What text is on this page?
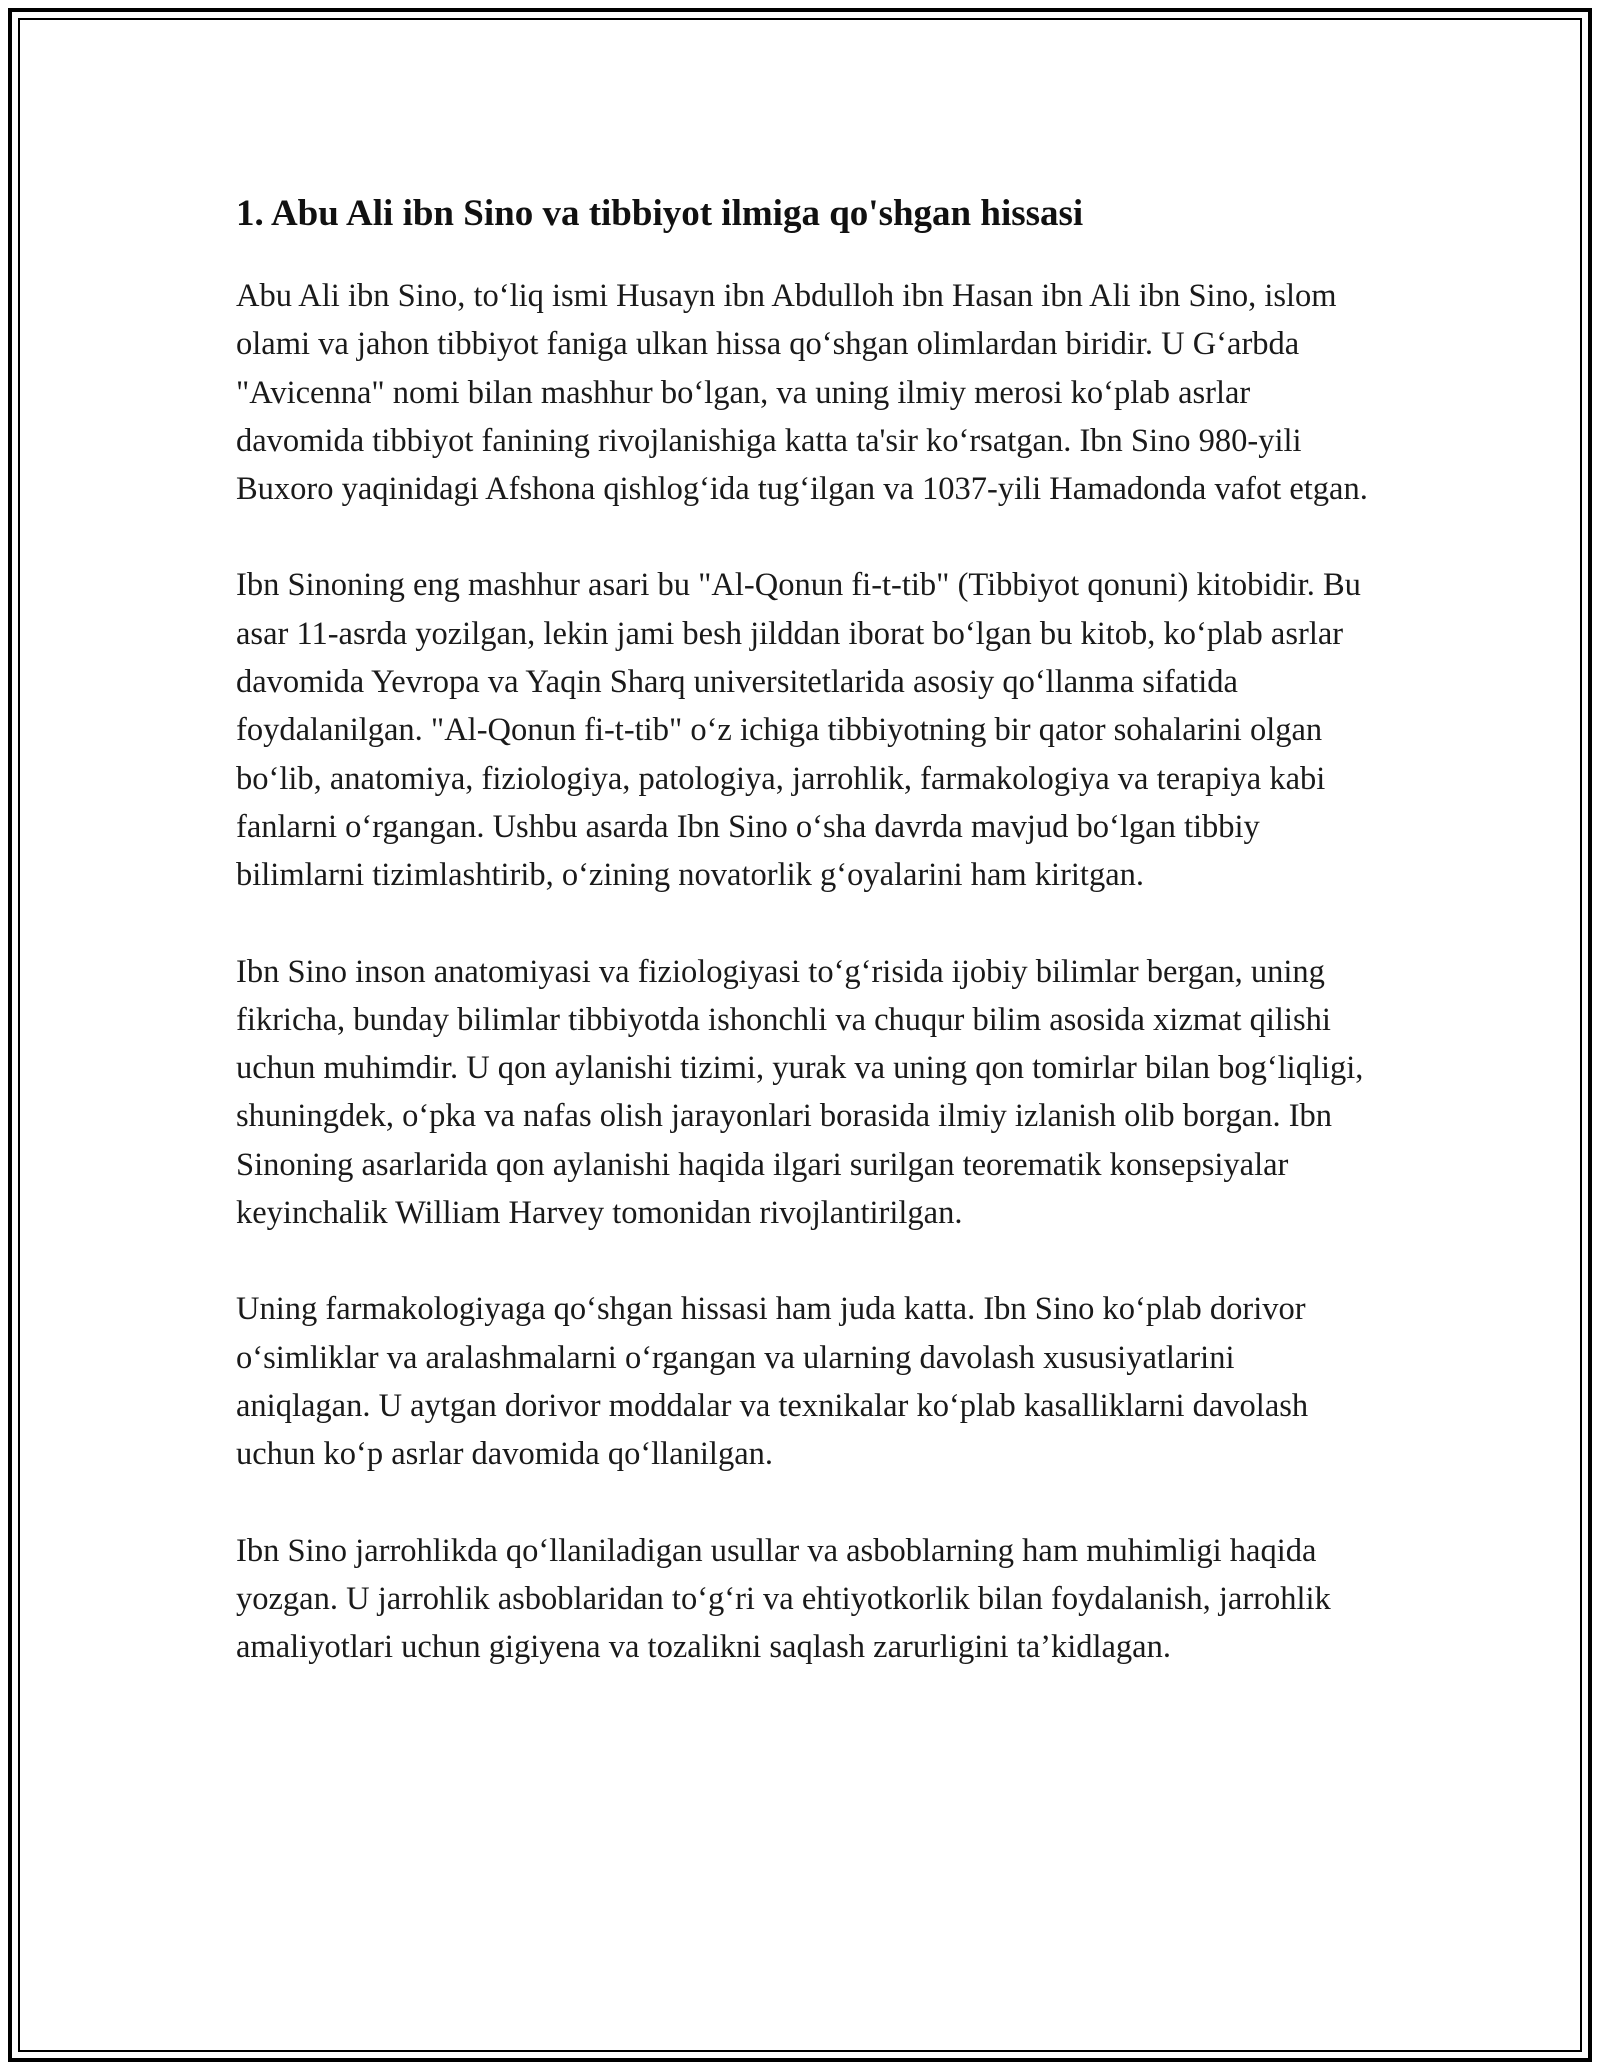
1. Abu Ali ibn Sino va tibbiyot ilmiga qo'shgan hissasi

Abu Ali ibn Sino, to‘liq ismi Husayn ibn Abdulloh ibn Hasan ibn Ali ibn Sino, islom olami va jahon tibbiyot faniga ulkan hissa qo‘shgan olimlardan biridir. U G‘arbda "Avicenna" nomi bilan mashhur bo‘lgan, va uning ilmiy merosi ko‘plab asrlar davomida tibbiyot fanining rivojlanishiga katta ta'sir ko‘rsatgan. Ibn Sino 980-yili Buxoro yaqinidagi Afshona qishlog‘ida tug‘ilgan va 1037-yili Hamadonda vafot etgan.

Ibn Sinoning eng mashhur asari bu "Al-Qonun fi-t-tib" (Tibbiyot qonuni) kitobidir. Bu asar 11-asrda yozilgan, lekin jami besh jilddan iborat bo‘lgan bu kitob, ko‘plab asrlar davomida Yevropa va Yaqin Sharq universitetlarida asosiy qo‘llanma sifatida foydalanilgan. "Al-Qonun fi-t-tib" o‘z ichiga tibbiyotning bir qator sohalarini olgan bo‘lib, anatomiya, fiziologiya, patologiya, jarrohlik, farmakologiya va terapiya kabi fanlarni o‘rgangan. Ushbu asarda Ibn Sino o‘sha davrda mavjud bo‘lgan tibbiy bilimlarni tizimlashtirib, o‘zining novatorlik g‘oyalarini ham kiritgan.

Ibn Sino inson anatomiyasi va fiziologiyasi to‘g‘risida ijobiy bilimlar bergan, uning fikricha, bunday bilimlar tibbiyotda ishonchli va chuqur bilim asosida xizmat qilishi uchun muhimdir. U qon aylanishi tizimi, yurak va uning qon tomirlar bilan bog‘liqligi, shuningdek, o‘pka va nafas olish jarayonlari borasida ilmiy izlanish olib borgan. Ibn Sinoning asarlarida qon aylanishi haqida ilgari surilgan teorematik konsepsiyalar keyinchalik William Harvey tomonidan rivojlantirilgan.

Uning farmakologiyaga qo‘shgan hissasi ham juda katta. Ibn Sino ko‘plab dorivor o‘simliklar va aralashmalarni o‘rgangan va ularning davolash xususiyatlarini aniqlagan. U aytgan dorivor moddalar va texnikalar ko‘plab kasalliklarni davolash uchun ko‘p asrlar davomida qo‘llanilgan.

Ibn Sino jarrohlikda qo‘llaniladigan usullar va asboblarning ham muhimligi haqida yozgan. U jarrohlik asboblaridan to‘g‘ri va ehtiyotkorlik bilan foydalanish, jarrohlik amaliyotlari uchun gigiyena va tozalikni saqlash zarurligini ta’kidlagan.
